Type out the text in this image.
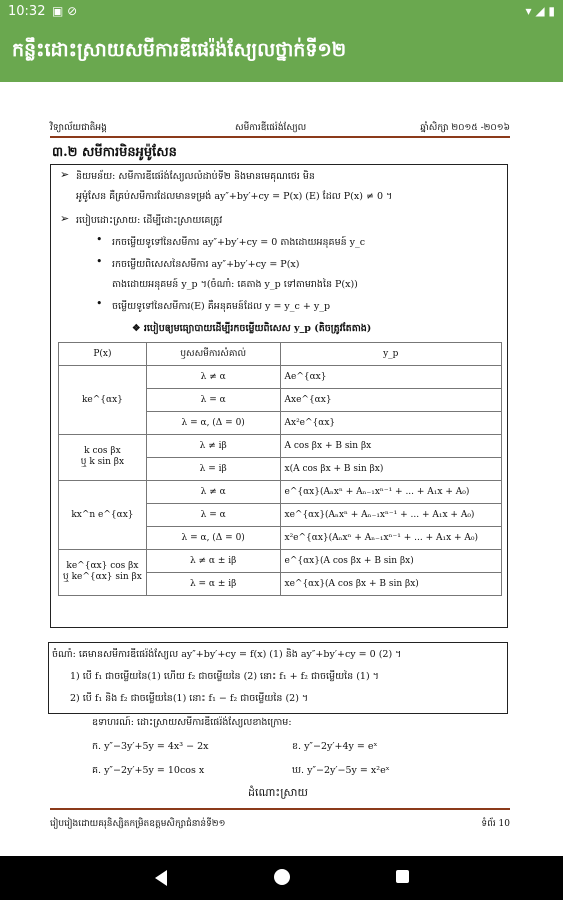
10:32 ▣ ⊘	▾ ◢ ▮
កន្លឹះដោះស្រាយសមីការឌីផេរ៉ង់ស្យែលថ្នាក់ទី១២
វិទ្យាល័យជាតិអង្គ	សមីការឌីផេរ៉ង់ស្យែល	ឆ្នាំសិក្សា ២០១៥ -២០១៦
៣.២ សមីការមិនអូម៉ូសែន
➢ និយមន័យ: សមីការឌីផេរ៉ង់ស្យែលលំដាប់ទី២ និងមានមេគុណថេរ មិន
អូម៉ូសែន គឺគ្រប់សមីការដែលមានទម្រង់ ay″+by′+cy = P(x) (E) ដែល P(x) ≠ 0 ។
➢ របៀបដោះស្រាយ: ដើម្បីដោះស្រាយគេត្រូវ
• រកចម្លើយទូទៅនៃសមីការ ay″+by′+cy = 0 តាងដោយអនុគមន៍ y_c
• រកចម្លើយពិសេសនៃសមីការ ay″+by′+cy = P(x)
តាងដោយអនុគមន៍ y_p ។(ចំណាំ: គេតាង y_p ទៅតាមរាងនៃ P(x))
• ចម្លើយទូទៅនៃសមីការ(E) គឺអនុគមន៍ដែល y = y_c + y_p
❖ របៀបឲ្យមធ្យោបាយដើម្បីរកចម្លើយពិសេស y_p (តិចត្រូវតែតាង)
P(x)	ឫសសមីការសំគាល់	y_p
ke^{αx}	λ ≠ α	Ae^{αx}
	λ = α	Axe^{αx}
	λ = α, (Δ = 0)	Ax²e^{αx}
k cos βx
ឬ k sin βx	λ ≠ iβ	A cos βx + B sin βx
	λ = iβ	x(A cos βx + B sin βx)
kx^n e^{αx}	λ ≠ α	e^{αx}(Aₙxⁿ + Aₙ₋₁xⁿ⁻¹ + ... + A₁x + A₀)
	λ = α	xe^{αx}(Aₙxⁿ + Aₙ₋₁xⁿ⁻¹ + ... + A₁x + A₀)
	λ = α, (Δ = 0)	x²e^{αx}(Aₙxⁿ + Aₙ₋₁xⁿ⁻¹ + ... + A₁x + A₀)
ke^{αx} cos βx
ឬ ke^{αx} sin βx	λ ≠ α ± iβ	e^{αx}(A cos βx + B sin βx)
	λ = α ± iβ	xe^{αx}(A cos βx + B sin βx)
ចំណាំ: គេមានសមីការឌីផេរ៉ង់ស្យែល ay″+by′+cy = f(x) (1) និង ay″+by′+cy = 0 (2) ។
1) បើ f₁ ជាចម្លើយនៃ(1) ហើយ f₂ ជាចម្លើយនៃ (2) នោះ f₁ + f₂ ជាចម្លើយនៃ (1) ។
2) បើ f₁ និង f₂ ជាចម្លើយនៃ(1) នោះ f₁ − f₂ ជាចម្លើយនៃ (2) ។
ឧទាហរណ៍: ដោះស្រាយសមីការឌីផេរ៉ង់ស្យែលខាងក្រោម:
ក. y″−3y′+5y = 4x³ − 2x	ខ. y″−2y′+4y = eˣ
គ. y″−2y′+5y = 10cos x	ឃ. y″−2y′−5y = x²eˣ
ដំណោះស្រាយ
រៀបរៀងដោយគរុនិស្សិតកម្រិតឧត្តមសិក្សាជំនាន់ទី២១	ទំព័រ 10
